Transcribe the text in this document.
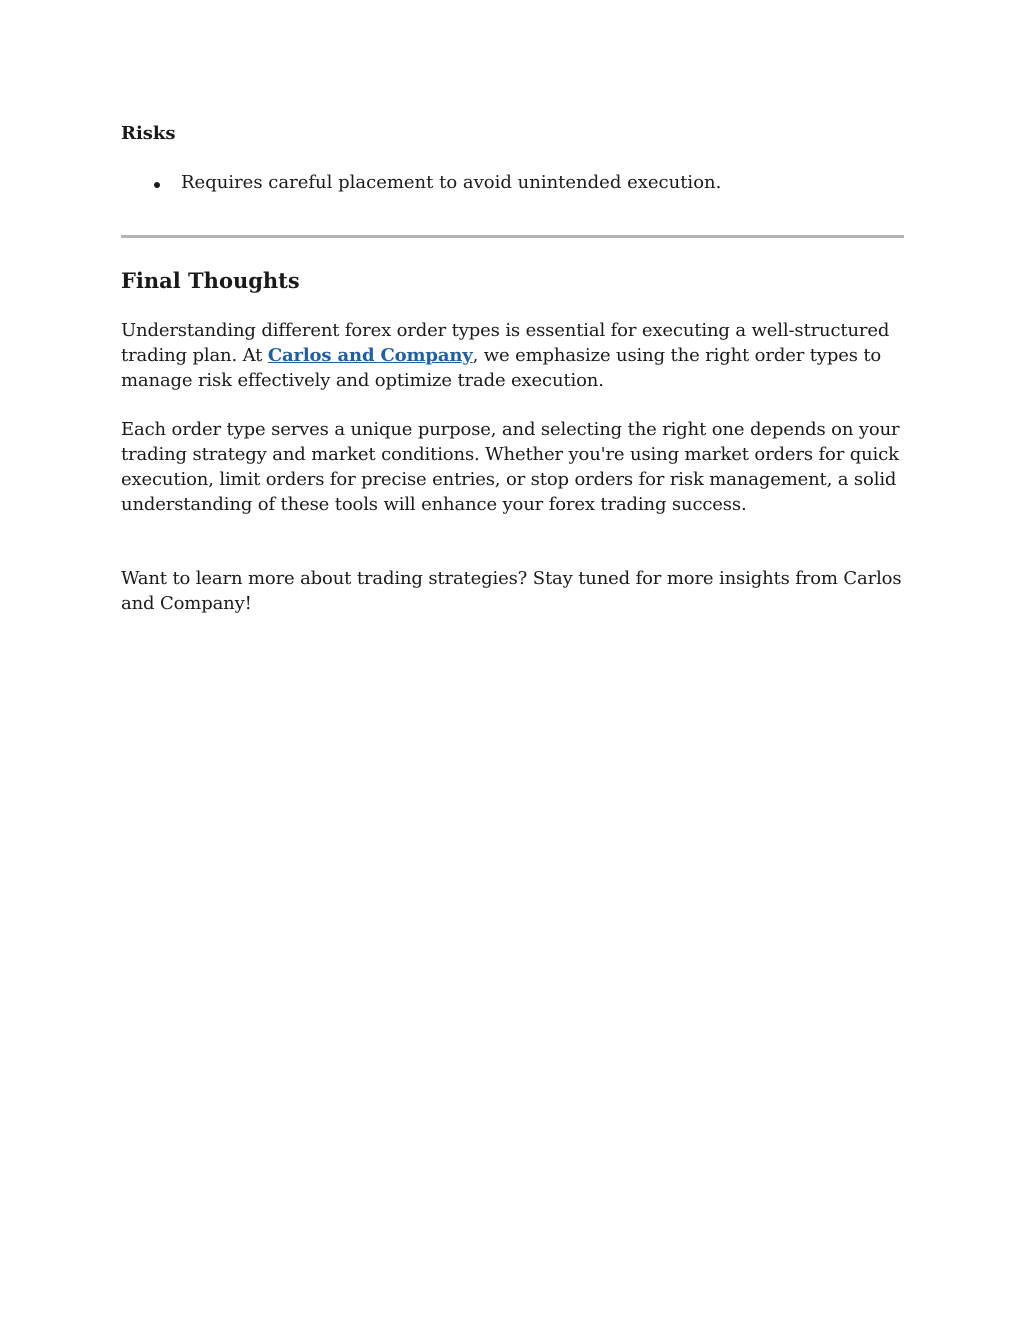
Risks
Requires careful placement to avoid unintended execution.
Final Thoughts

Understanding different forex order types is essential for executing a well-structured trading plan. At Carlos and Company, we emphasize using the right order types to manage risk effectively and optimize trade execution.

Each order type serves a unique purpose, and selecting the right one depends on your trading strategy and market conditions. Whether you're using market orders for quick execution, limit orders for precise entries, or stop orders for risk management, a solid understanding of these tools will enhance your forex trading success.

Want to learn more about trading strategies? Stay tuned for more insights from Carlos and Company!
